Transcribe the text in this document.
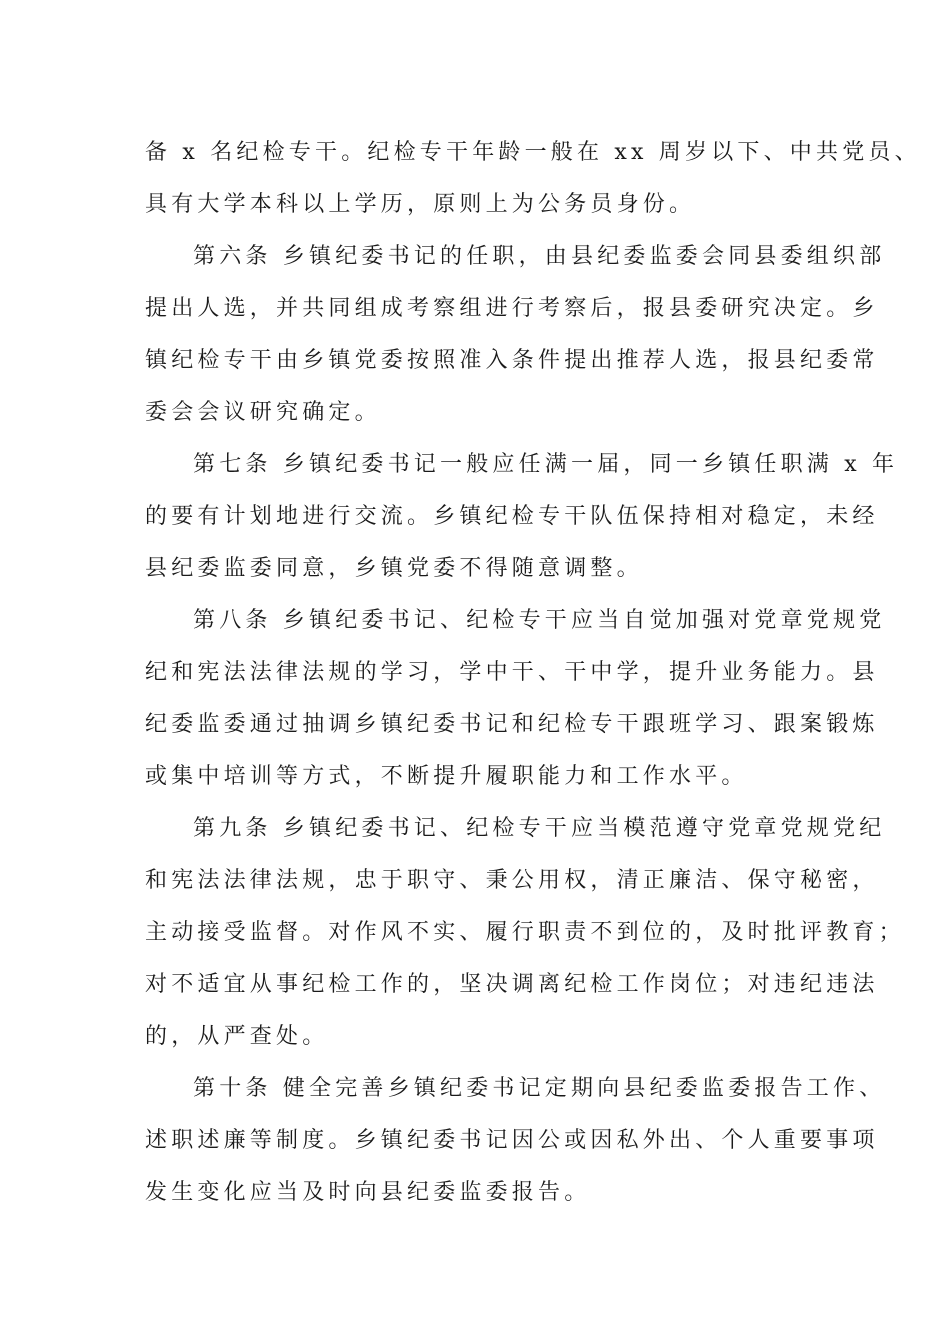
备 x 名纪检专干。纪检专干年龄一般在 xx 周岁以下、中共党员、
具有大学本科以上学历，原则上为公务员身份。
第六条 乡镇纪委书记的任职，由县纪委监委会同县委组织部
提出人选，并共同组成考察组进行考察后，报县委研究决定。乡
镇纪检专干由乡镇党委按照准入条件提出推荐人选，报县纪委常
委会会议研究确定。
第七条 乡镇纪委书记一般应任满一届，同一乡镇任职满 x 年
的要有计划地进行交流。乡镇纪检专干队伍保持相对稳定，未经
县纪委监委同意，乡镇党委不得随意调整。
第八条 乡镇纪委书记、纪检专干应当自觉加强对党章党规党
纪和宪法法律法规的学习，学中干、干中学，提升业务能力。县
纪委监委通过抽调乡镇纪委书记和纪检专干跟班学习、跟案锻炼
或集中培训等方式，不断提升履职能力和工作水平。
第九条 乡镇纪委书记、纪检专干应当模范遵守党章党规党纪
和宪法法律法规，忠于职守、秉公用权，清正廉洁、保守秘密，
主动接受监督。对作风不实、履行职责不到位的，及时批评教育；
对不适宜从事纪检工作的，坚决调离纪检工作岗位；对违纪违法
的，从严查处。
第十条 健全完善乡镇纪委书记定期向县纪委监委报告工作、
述职述廉等制度。乡镇纪委书记因公或因私外出、个人重要事项
发生变化应当及时向县纪委监委报告。
